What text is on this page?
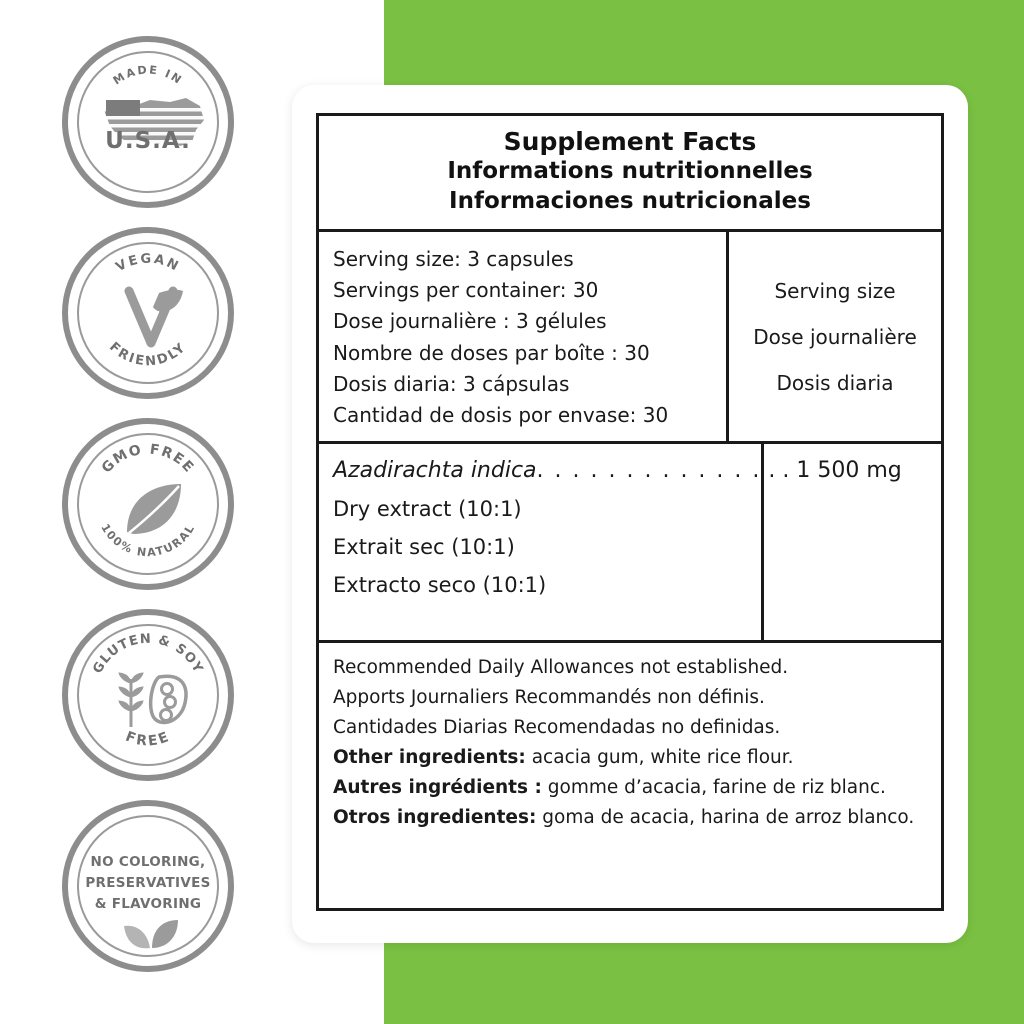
MADE IN
U.S.A.
VEGAN
FRIENDLY
GMO FREE
100% NATURAL
GLUTEN & SOY
FREE
NO COLORING,
PRESERVATIVES
& FLAVORING
Supplement Facts
Informations nutritionnelles
Informaciones nutricionales
Serving size: 3 capsules
Servings per container: 30
Dose journalière : 3 gélules
Nombre de doses par boîte : 30
Dosis diaria: 3 cápsulas
Cantidad de dosis por envase: 30
Serving size
Dose journalière
Dosis diaria
Azadirachta indica. . . . . . . . . . . . .
Dry extract (10:1)
Extrait sec (10:1)
Extracto seco (10:1)
. . 1 500 mg
Recommended Daily Allowances not established.
Apports Journaliers Recommandés non définis.
Cantidades Diarias Recomendadas no definidas.
Other ingredients: acacia gum, white rice flour.
Autres ingrédients : gomme d’acacia, farine de riz blanc.
Otros ingredientes: goma de acacia, harina de arroz blanco.
